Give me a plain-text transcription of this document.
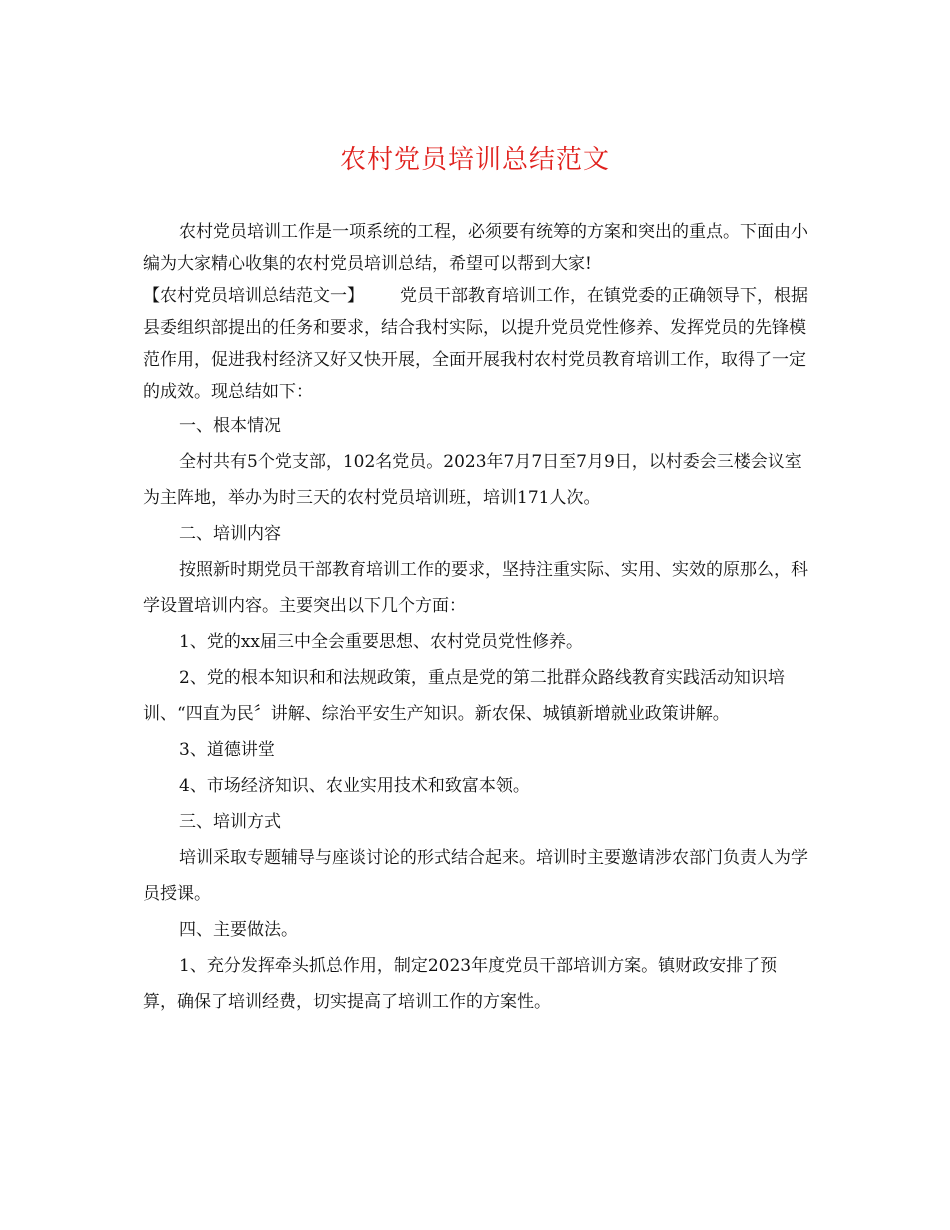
农村党员培训总结范文

农村党员培训工作是一项系统的工程，必须要有统筹的方案和突出的重点。下面由小编为大家精心收集的农村党员培训总结，希望可以帮到大家!

【农村党员培训总结范文一】 党员干部教育培训工作，在镇党委的正确领导下，根据县委组织部提出的任务和要求，结合我村实际，以提升党员党性修养、发挥党员的先锋模范作用，促进我村经济又好又快开展，全面开展我村农村党员教育培训工作，取得了一定的成效。现总结如下：

一、根本情况

全村共有5个党支部，102名党员。2023年7月7日至7月9日，以村委会三楼会议室为主阵地，举办为时三天的农村党员培训班，培训171人次。

二、培训内容

按照新时期党员干部教育培训工作的要求，坚持注重实际、实用、实效的原那么，科学设置培训内容。主要突出以下几个方面：

1、党的xx届三中全会重要思想、农村党员党性修养。

2、党的根本知识和和法规政策，重点是党的第二批群众路线教育实践活动知识培训、“四直为民〞讲解、综治平安生产知识。新农保、城镇新增就业政策讲解。

3、道德讲堂

4、市场经济知识、农业实用技术和致富本领。

三、培训方式

培训采取专题辅导与座谈讨论的形式结合起来。培训时主要邀请涉农部门负责人为学员授课。

四、主要做法。

1、充分发挥牵头抓总作用，制定2023年度党员干部培训方案。镇财政安排了预算，确保了培训经费，切实提高了培训工作的方案性。
